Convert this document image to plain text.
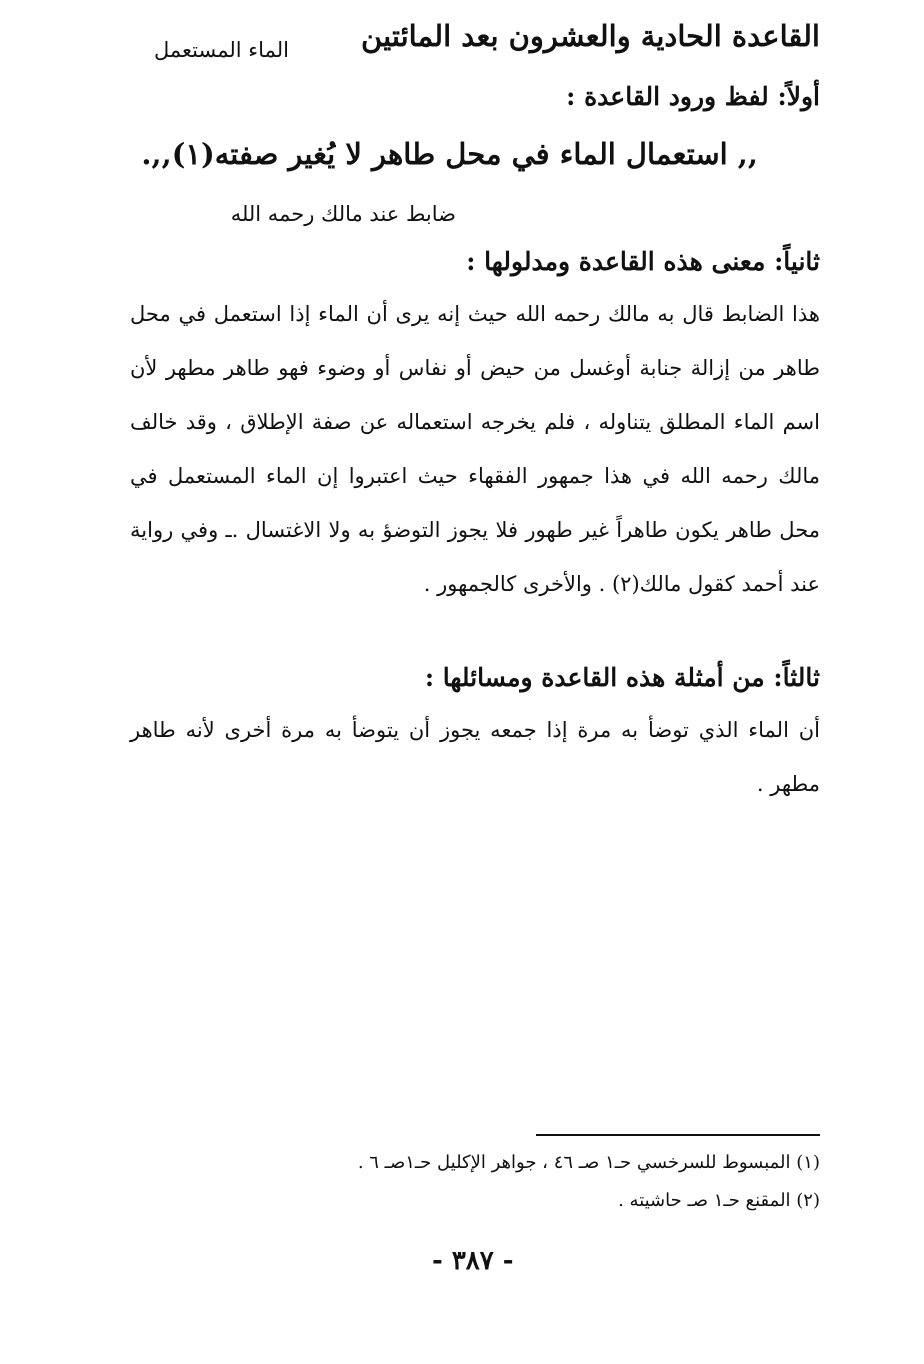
القاعدة الحادية والعشرون بعد المائتين
الماء المستعمل
أولاً: لفظ ورود القاعدة :
,, استعمال الماء في محل طاهر لا يُغير صفته(١),,.
ضابط عند مالك رحمه الله
ثانياً: معنى هذه القاعدة ومدلولها :
هذا الضابط قال به مالك رحمه الله حيث إنه يرى أن الماء إذا استعمل في محل طاهر من إزالة جنابة أوغسل من حيض أو نفاس أو وضوء فهو طاهر مطهر لأن اسم الماء المطلق يتناوله ، فلم يخرجه استعماله عن صفة الإطلاق ، وقد خالف مالك رحمه الله في هذا جمهور الفقهاء حيث اعتبروا إن الماء المستعمل في محل طاهر يكون طاهراً غير طهور فلا يجوز التوضؤ به ولا الاغتسال .ـ وفي رواية عند أحمد كقول مالك(٢) . والأخرى كالجمهور .
ثالثاً: من أمثلة هذه القاعدة ومسائلها :
أن الماء الذي توضأ به مرة إذا جمعه يجوز أن يتوضأ به مرة أخرى لأنه طاهر مطهر .
(١) المبسوط للسرخسي حـ١ صـ ٤٦ ، جواهر الإكليل حـ١صـ ٦ .
(٢) المقنع حـ١ صـ حاشيته .
- ٣٨٧ -
